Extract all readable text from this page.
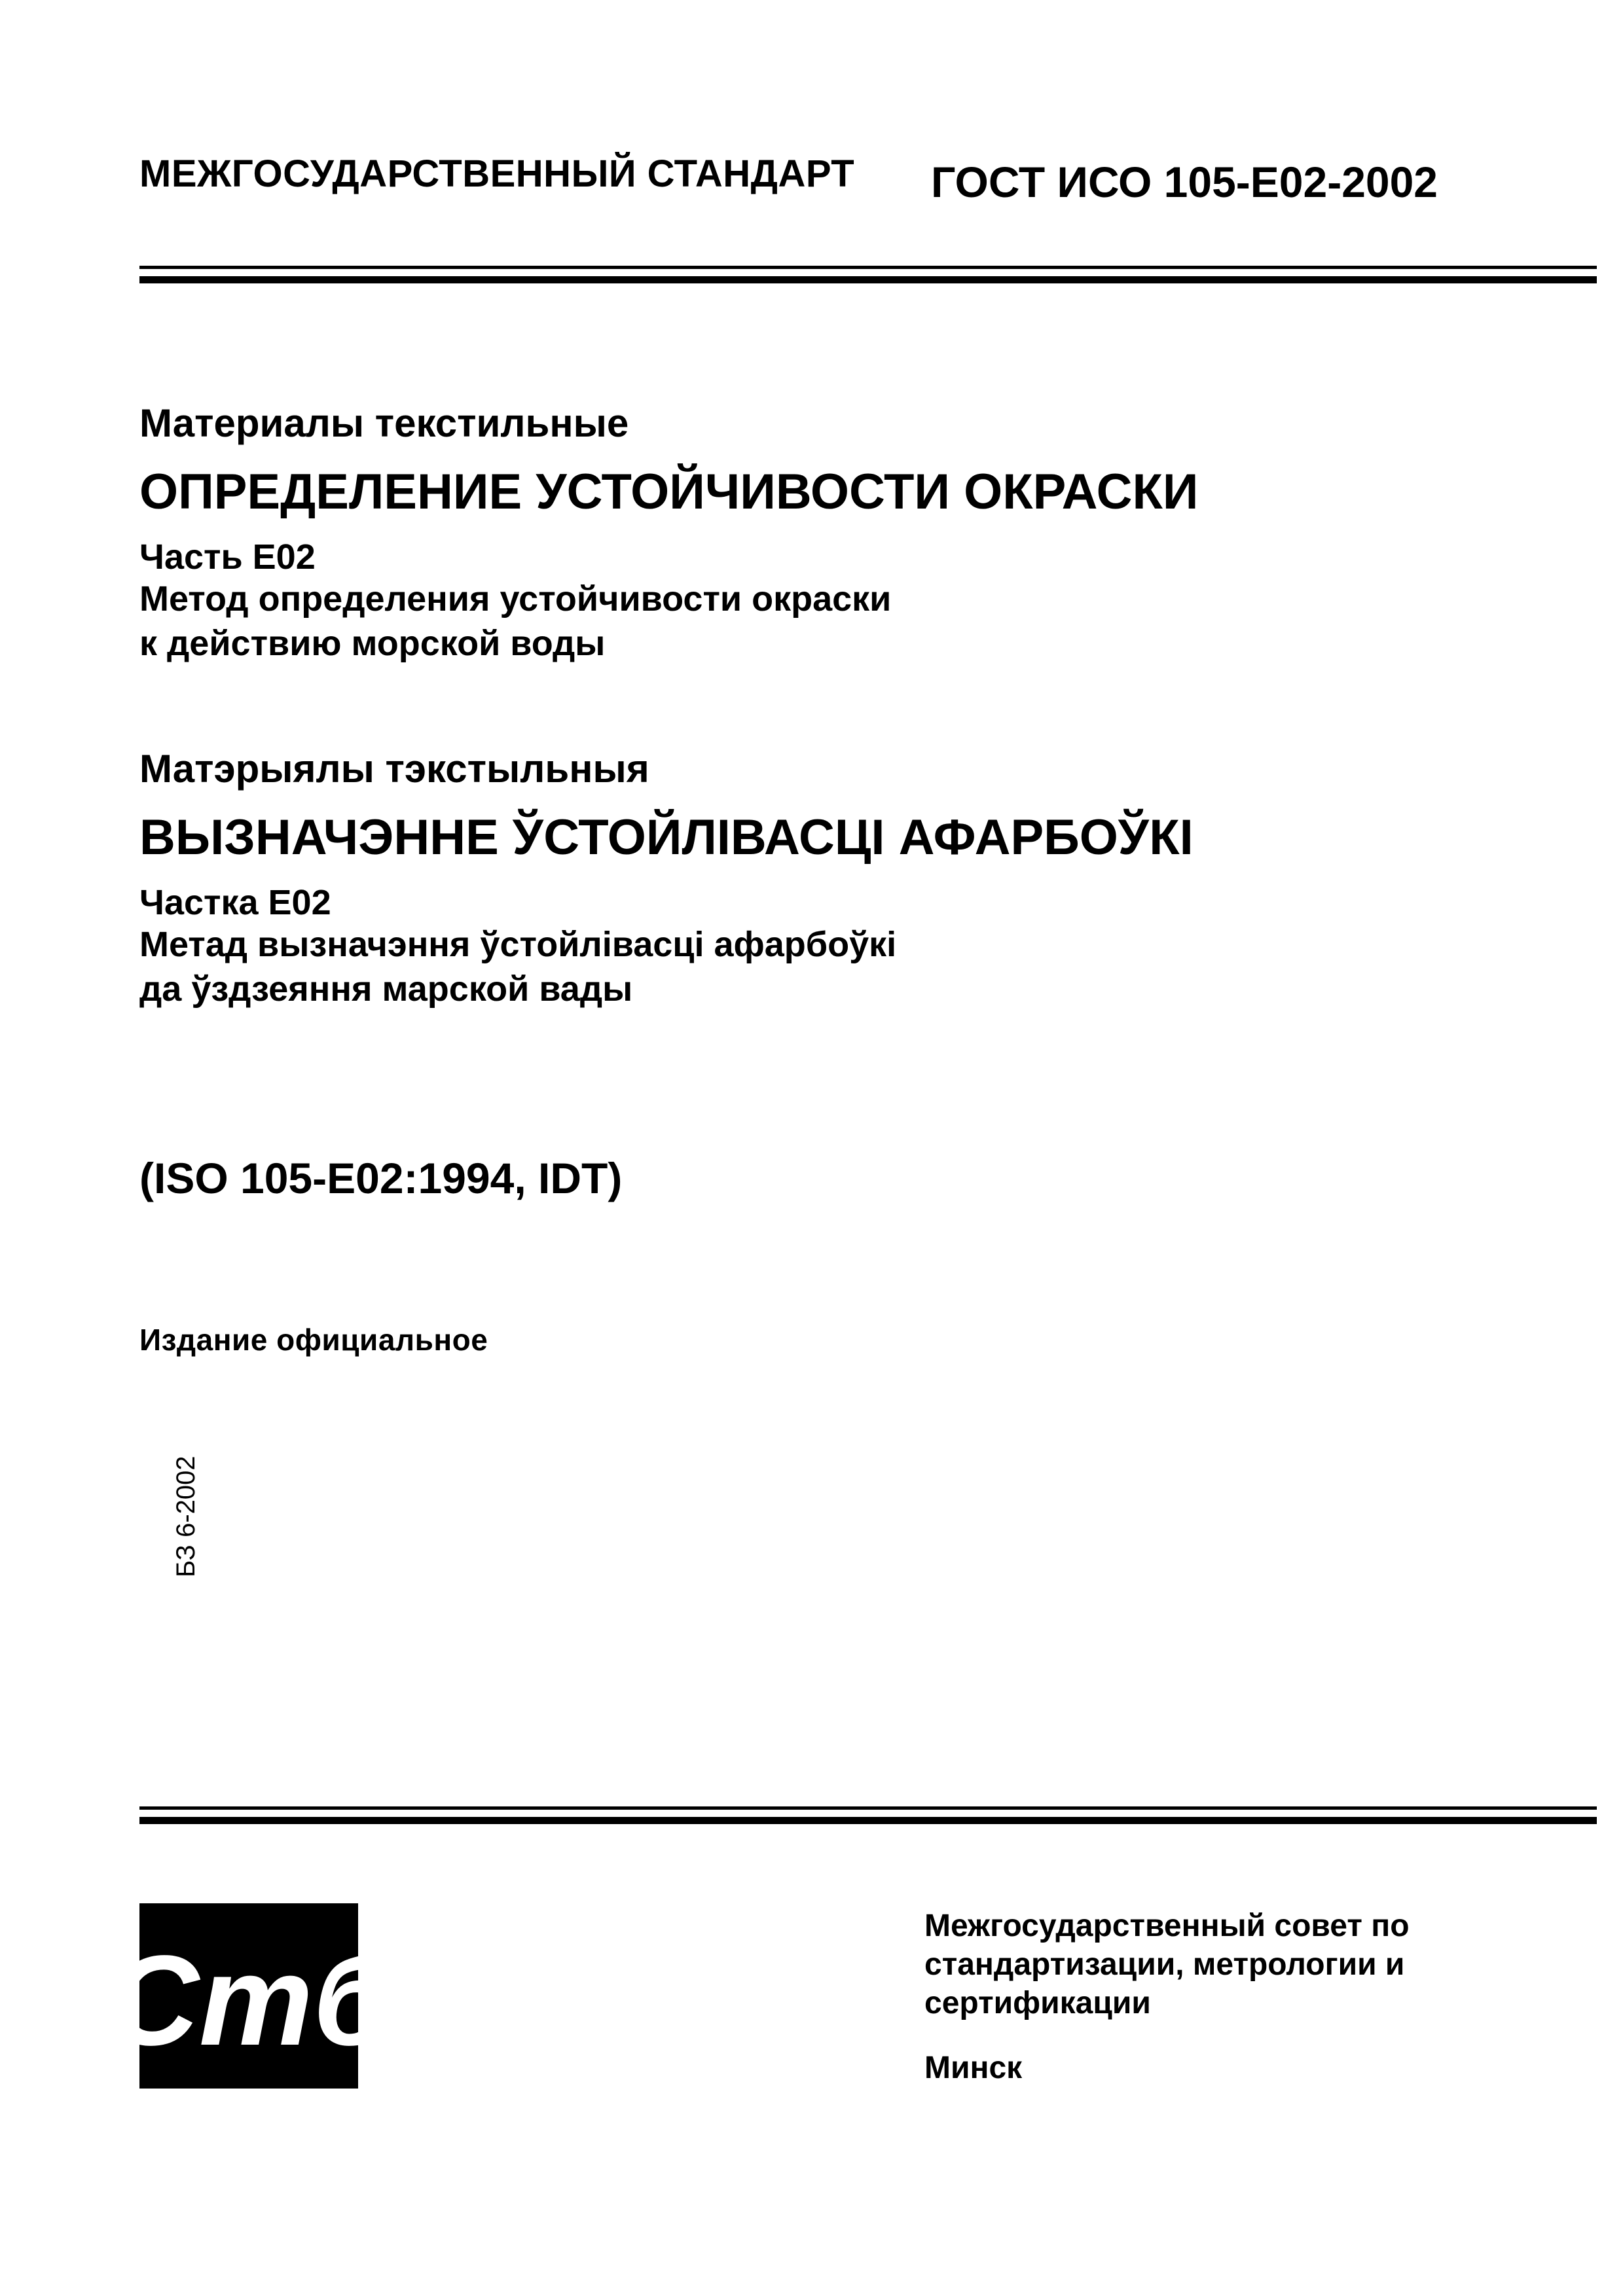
МЕЖГОСУДАРСТВЕННЫЙ СТАНДАРТ ГОСТ ИСО 105-Е02-2002
Материалы текстильные
ОПРЕДЕЛЕНИЕ УСТОЙЧИВОСТИ ОКРАСКИ
Часть Е02
Метод определения устойчивости окраски
к действию морской воды
Матэрыялы тэкстыльныя
ВЫЗНАЧЭННЕ ЎСТОЙЛІВАСЦІ АФАРБОЎКІ
Частка Е02
Метад вызначэння ўстойлівасці афарбоўкі
да ўздзеяння марской вады
(ISO 105-E02:1994, IDT)
Издание официальное
БЗ 6-2002
Стб
Межгосударственный совет по
стандартизации, метрологии и
сертификации
Минск
